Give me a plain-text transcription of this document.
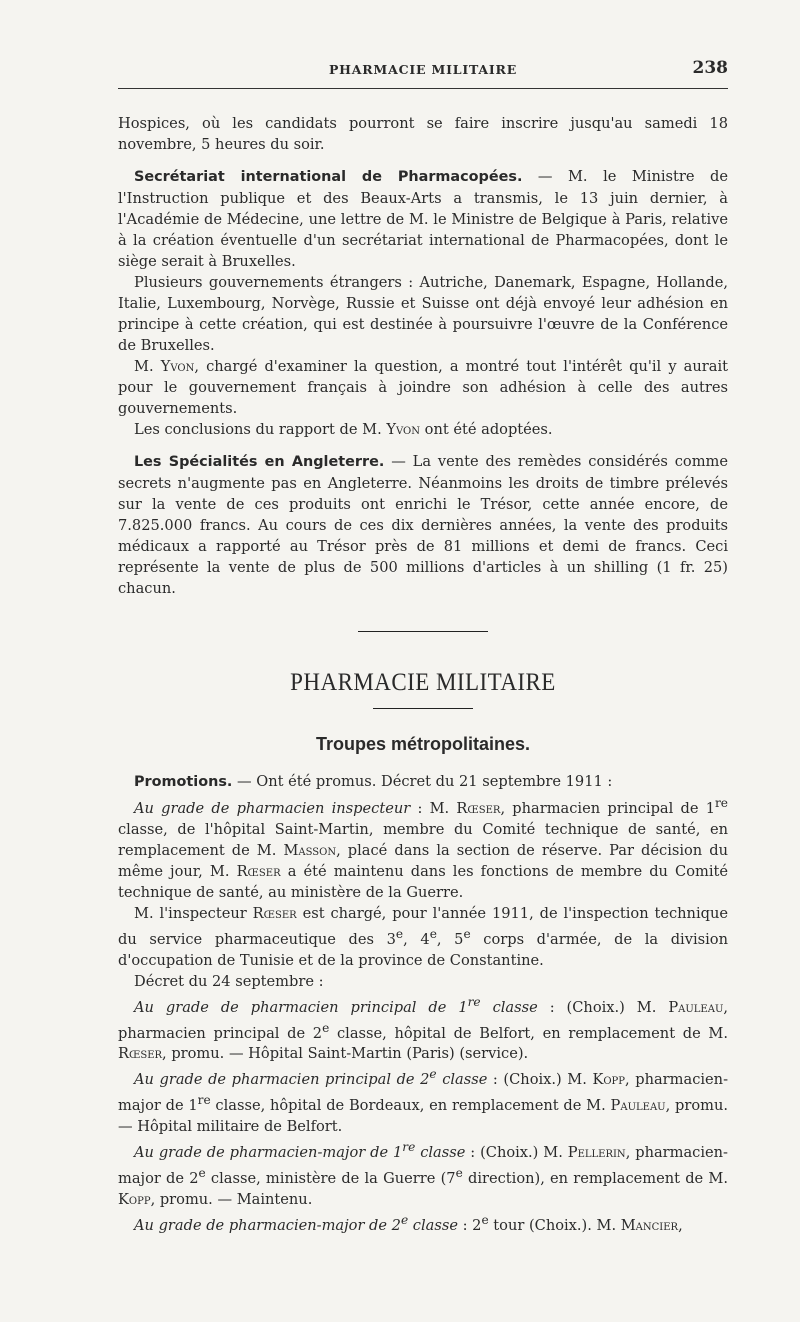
PHARMACIE MILITAIRE	238

Hospices, où les candidats pourront se faire inscrire jusqu'au samedi 18 novembre, 5 heures du soir.

Secrétariat international de Pharmacopées. — M. le Ministre de l'Instruction publique et des Beaux-Arts a transmis, le 13 juin dernier, à l'Académie de Médecine, une lettre de M. le Ministre de Belgique à Paris, relative à la création éventuelle d'un secrétariat international de Pharmacopées, dont le siège serait à Bruxelles.

Plusieurs gouvernements étrangers : Autriche, Danemark, Espagne, Hollande, Italie, Luxembourg, Norvège, Russie et Suisse ont déjà envoyé leur adhésion en principe à cette création, qui est destinée à poursuivre l'œuvre de la Conférence de Bruxelles.

M. Yvon, chargé d'examiner la question, a montré tout l'intérêt qu'il y aurait pour le gouvernement français à joindre son adhésion à celle des autres gouvernements.

Les conclusions du rapport de M. Yvon ont été adoptées.

Les Spécialités en Angleterre. — La vente des remèdes considérés comme secrets n'augmente pas en Angleterre. Néanmoins les droits de timbre prélevés sur la vente de ces produits ont enrichi le Trésor, cette année encore, de 7.825.000 francs. Au cours de ces dix dernières années, la vente des produits médicaux a rapporté au Trésor près de 81 millions et demi de francs. Ceci représente la vente de plus de 500 millions d'articles à un shilling (1 fr. 25) chacun.

PHARMACIE MILITAIRE
Troupes métropolitaines.

Promotions. — Ont été promus. Décret du 21 septembre 1911 :

Au grade de pharmacien inspecteur : M. Rœser, pharmacien principal de 1re classe, de l'hôpital Saint-Martin, membre du Comité technique de santé, en remplacement de M. Masson, placé dans la section de réserve. Par décision du même jour, M. Rœser a été maintenu dans les fonctions de membre du Comité technique de santé, au ministère de la Guerre.

M. l'inspecteur Rœser est chargé, pour l'année 1911, de l'inspection technique du service pharmaceutique des 3e, 4e, 5e corps d'armée, de la division d'occupation de Tunisie et de la province de Constantine.

Décret du 24 septembre :

Au grade de pharmacien principal de 1re classe : (Choix.) M. Pauleau, pharmacien principal de 2e classe, hôpital de Belfort, en remplacement de M. Rœser, promu. — Hôpital Saint-Martin (Paris) (service).

Au grade de pharmacien principal de 2e classe : (Choix.) M. Kopp, pharmacien-major de 1re classe, hôpital de Bordeaux, en remplacement de M. Pauleau, promu. — Hôpital militaire de Belfort.

Au grade de pharmacien-major de 1re classe : (Choix.) M. Pellerin, pharmacien-major de 2e classe, ministère de la Guerre (7e direction), en remplacement de M. Kopp, promu. — Maintenu.

Au grade de pharmacien-major de 2e classe : 2e tour (Choix.). M. Mancier,
